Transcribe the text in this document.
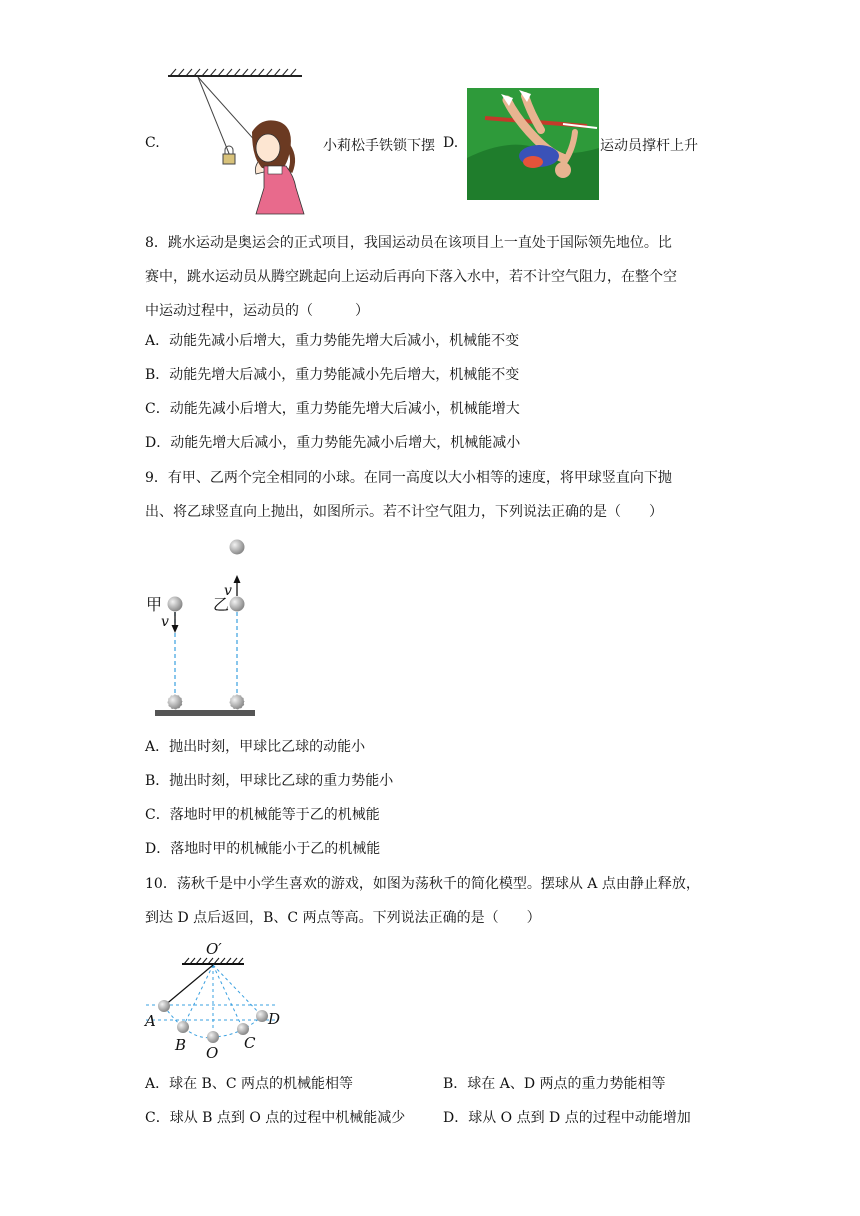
C.	小莉松手铁锁下摆 D.	运动员撑杆上升
8．跳水运动是奥运会的正式项目，我国运动员在该项目上一直处于国际领先地位。比
赛中，跳水运动员从腾空跳起向上运动后再向下落入水中，若不计空气阻力，在整个空
中运动过程中，运动员的（　　　）
A．动能先减小后增大，重力势能先增大后减小，机械能不变
B．动能先增大后减小，重力势能减小先后增大，机械能不变
C．动能先减小后增大，重力势能先增大后减小，机械能增大
D．动能先增大后减小，重力势能先减小后增大，机械能减小
9．有甲、乙两个完全相同的小球。在同一高度以大小相等的速度，将甲球竖直向下抛
出、将乙球竖直向上抛出，如图所示。若不计空气阻力，下列说法正确的是（　　）
甲
v
乙
v
A．抛出时刻，甲球比乙球的动能小
B．抛出时刻，甲球比乙球的重力势能小
C．落地时甲的机械能等于乙的机械能
D．落地时甲的机械能小于乙的机械能
10．荡秋千是中小学生喜欢的游戏，如图为荡秋千的简化模型。摆球从 A 点由静止释放，
到达 D 点后返回，B、C 两点等高。下列说法正确的是（　　）
O′
A
B O
C
D
A．球在 B、C 两点的机械能相等	B．球在 A、D 两点的重力势能相等
C．球从 B 点到 O 点的过程中机械能减少	D．球从 O 点到 D 点的过程中动能增加
